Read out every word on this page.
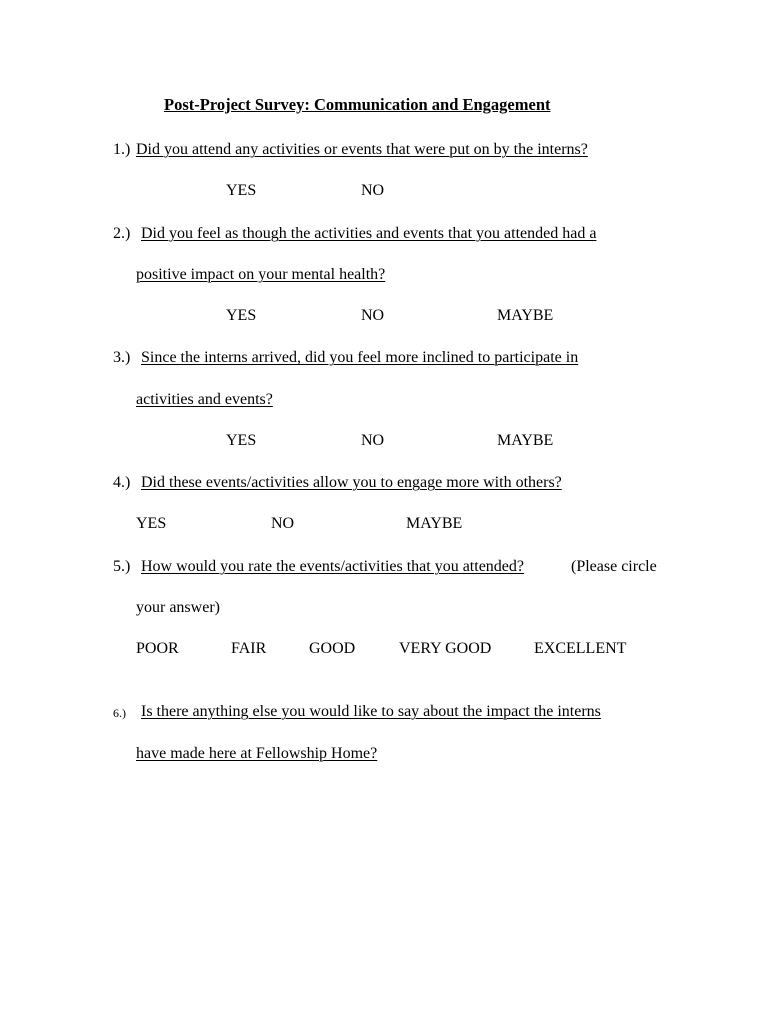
Post-Project Survey: Communication and Engagement
1.) Did you attend any activities or events that were put on by the interns?
YES	NO
2.) Did you feel as though the activities and events that you attended had a
positive impact on your mental health?
YES	NO	MAYBE
3.) Since the interns arrived, did you feel more inclined to participate in
activities and events?
YES	NO	MAYBE
4.) Did these events/activities allow you to engage more with others?
YES	NO	MAYBE
5.) How would you rate the events/activities that you attended?	(Please circle
your answer)
POOR	FAIR	GOOD	VERY GOOD	EXCELLENT
6.) Is there anything else you would like to say about the impact the interns
have made here at Fellowship Home?
